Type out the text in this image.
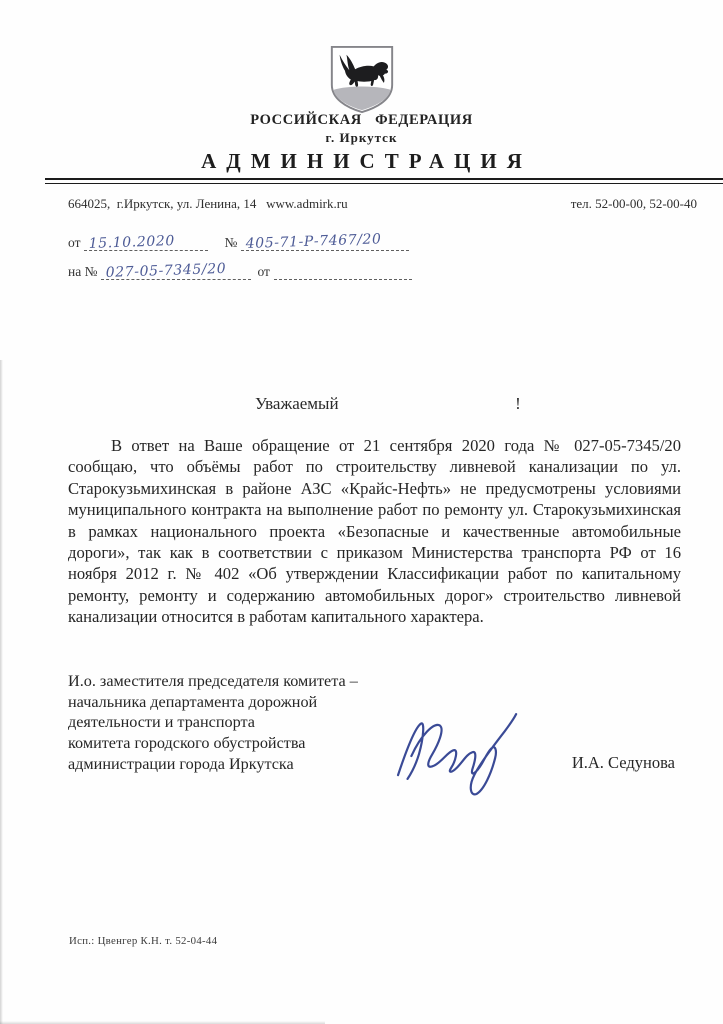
РОССИЙСКАЯ ФЕДЕРАЦИЯ
г. Иркутск
АДМИНИСТРАЦИЯ
664025,  г.Иркутск, ул. Ленина, 14   www.admirk.ru	тел. 52-00-00, 52-00-40
от 15.10.2020	№ 405-71-Р-7467/20
на № 027-05-7345/20 от
Уважаемый	!

В ответ на Ваше обращение от 21 сентября 2020 года № 027-05-7345/20 сообщаю, что объёмы работ по строительству ливневой канализации по ул. Старокузьмихинская в районе АЗС «Крайс-Нефть» не предусмотрены условиями муниципального контракта на выполнение работ по ремонту ул. Старокузьмихинская в рамках национального проекта «Безопасные и качественные автомобильные дороги», так как в соответствии с приказом Министерства транспорта РФ от 16 ноября 2012 г. № 402 «Об утверждении Классификации работ по капитальному ремонту, ремонту и содержанию автомобильных дорог» строительство ливневой канализации относится в работам капитального характера.

И.о. заместителя председателя комитета –
начальника департамента дорожной
деятельности и транспорта
комитета городского обустройства
администрации города Иркутска	И.А. Седунова
Исп.: Цвенгер К.Н. т. 52-04-44
